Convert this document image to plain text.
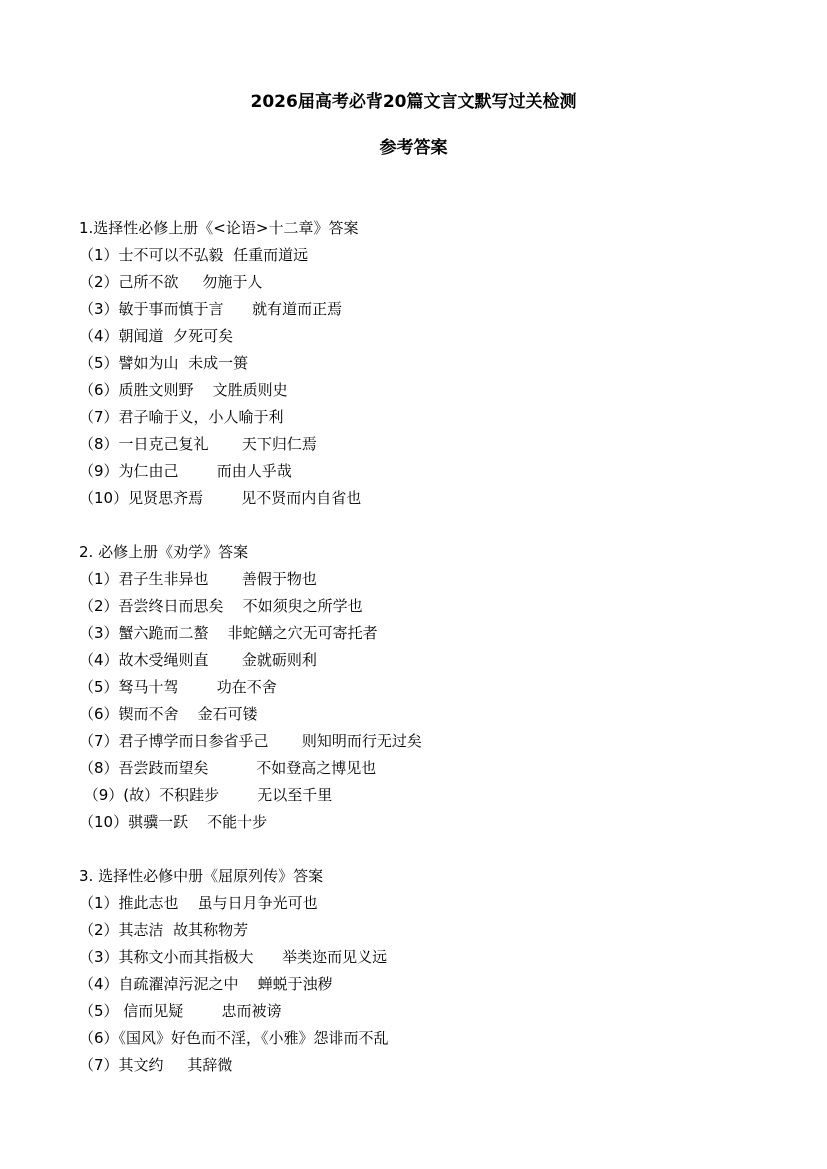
2026届高考必背20篇文言文默写过关检测
参考答案
1.选择性必修上册《<论语>十二章》答案
（1）士不可以不弘毅  任重而道远
（2）己所不欲     勿施于人
（3）敏于事而慎于言      就有道而正焉
（4）朝闻道  夕死可矣
（5）譬如为山  未成一篑
（6）质胜文则野    文胜质则史
（7）君子喻于义，小人喻于利
（8）一日克己复礼       天下归仁焉
（9）为仁由己        而由人乎哉
（10）见贤思齐焉        见不贤而内自省也
2. 必修上册《劝学》答案
（1）君子生非异也       善假于物也
（2）吾尝终日而思矣    不如须臾之所学也
（3）蟹六跪而二螯    非蛇鳝之穴无可寄托者
（4）故木受绳则直       金就砺则利
（5）驽马十驾        功在不舍
（6）锲而不舍    金石可镂
（7）君子博学而日参省乎己       则知明而行无过矣
（8）吾尝跂而望矣          不如登高之博见也
（9）(故）不积跬步        无以至千里
（10）骐骥一跃    不能十步
3. 选择性必修中册《屈原列传》答案
（1）推此志也    虽与日月争光可也
（2）其志洁  故其称物芳
（3）其称文小而其指极大      举类迩而见义远
（4）自疏濯淖污泥之中    蝉蜕于浊秽
（5） 信而见疑        忠而被谤
（6）《国风》好色而不淫，《小雅》怨诽而不乱
（7）其文约     其辞微
